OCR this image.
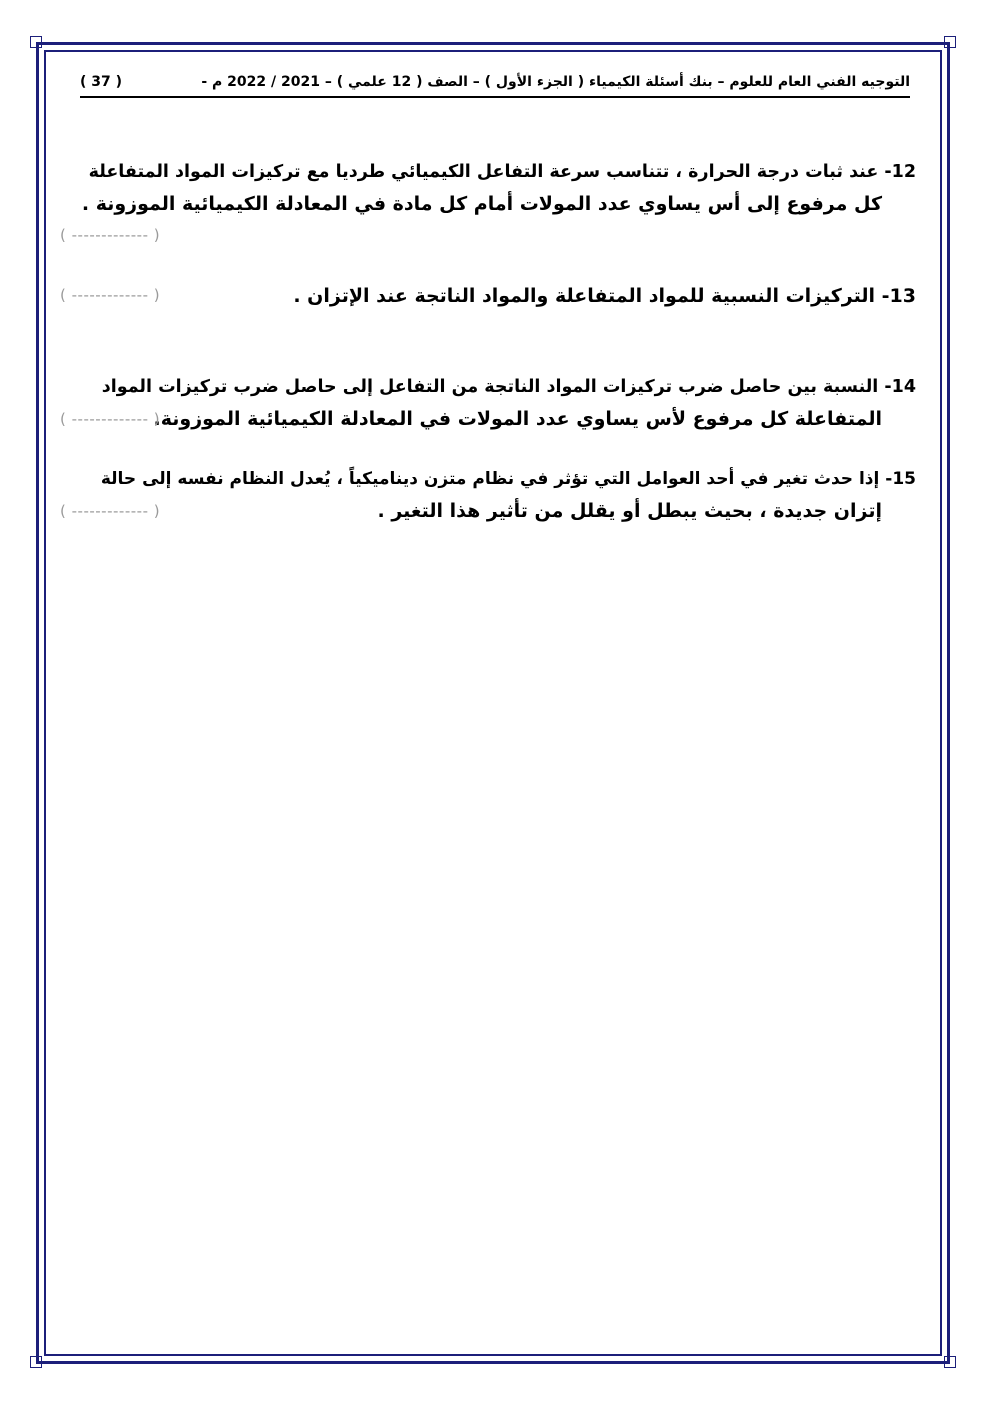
التوجيه الفني العام للعلوم – بنك أسئلة الكيمياء ( الجزء الأول ) – الصف ( 12 علمي ) – 2021 / 2022 م -
( 37 )
12- عند ثبات درجة الحرارة ، تتناسب سرعة التفاعل الكيميائي طرديا مع تركيزات المواد المتفاعلة
كل مرفوع إلى أس يساوي عدد المولات أمام كل مادة في المعادلة الكيميائية الموزونة .
( ------------- )
13- التركيزات النسبية للمواد المتفاعلة والمواد الناتجة عند الإتزان .
( ------------- )
14- النسبة بين حاصل ضرب تركيزات المواد الناتجة من التفاعل إلى حاصل ضرب تركيزات المواد
المتفاعلة كل مرفوع لأس يساوي عدد المولات في المعادلة الكيميائية الموزونة.
( ------------- )
15- إذا حدث تغير في أحد العوامل التي تؤثر في نظام متزن ديناميكياً ، يُعدل النظام نفسه إلى حالة
إتزان جديدة ، بحيث يبطل أو يقلل من تأثير هذا التغير .
( ------------- )
